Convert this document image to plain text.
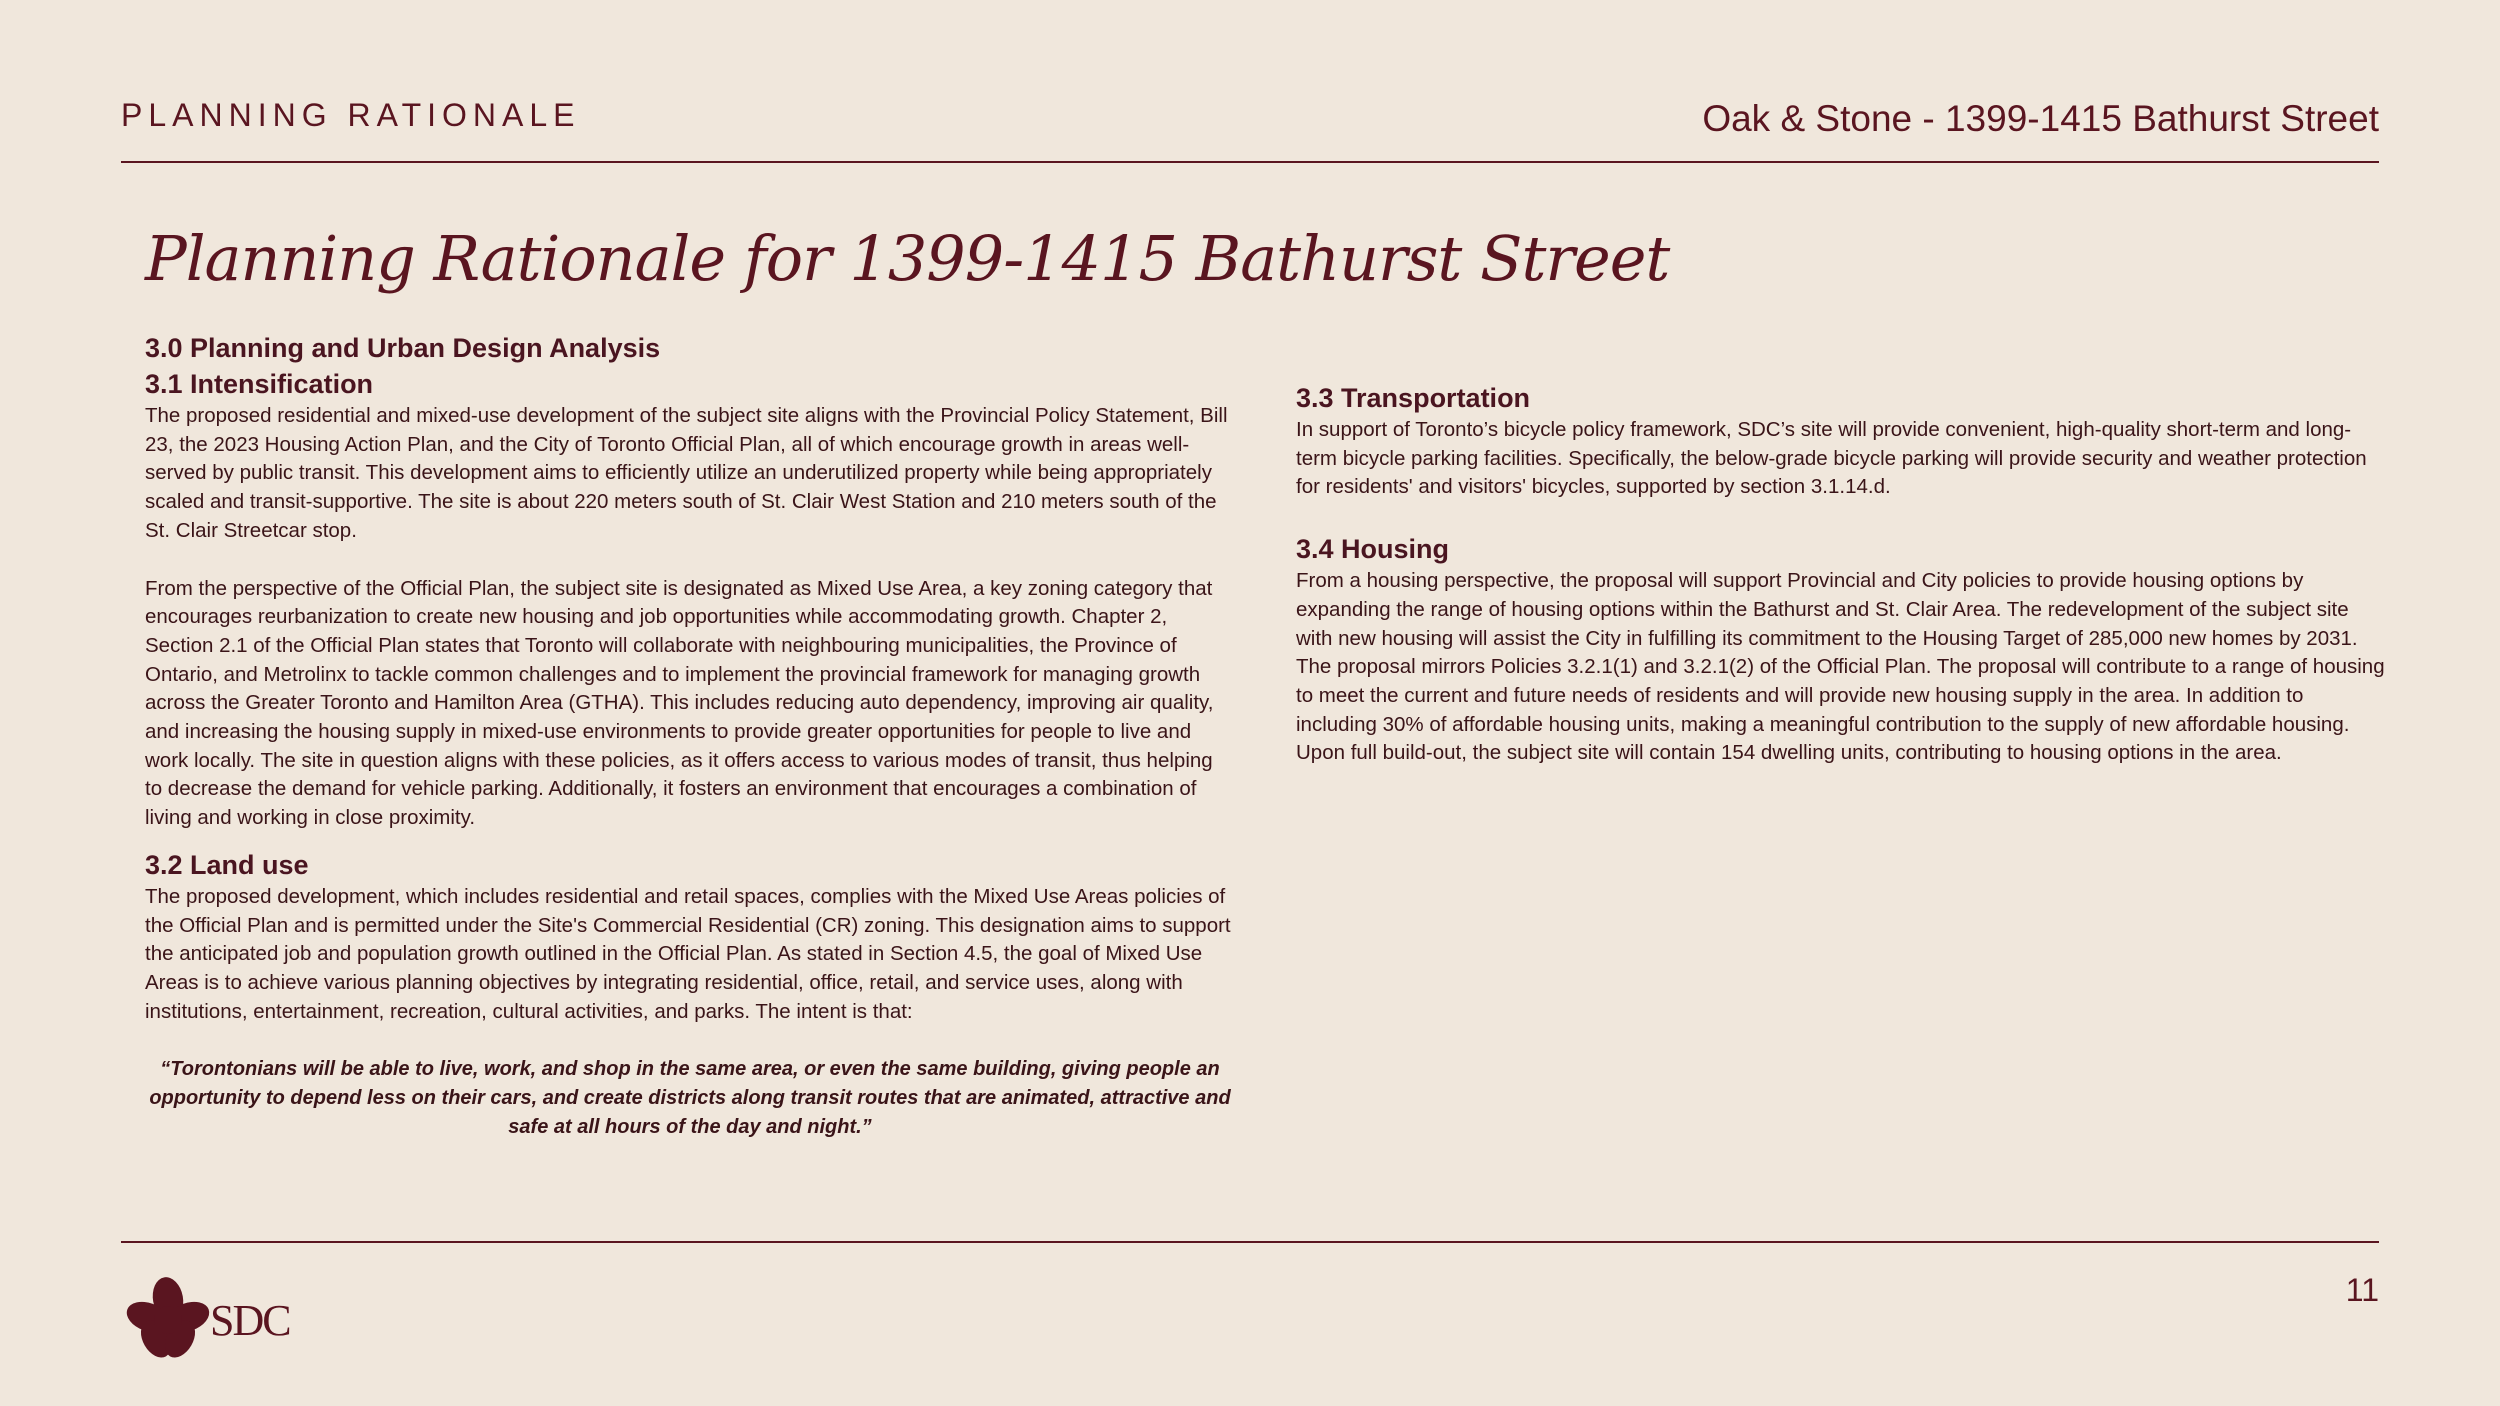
PLANNING RATIONALE	Oak & Stone - 1399-1415 Bathurst Street
Planning Rationale for 1399-1415 Bathurst Street
3.0 Planning and Urban Design Analysis
3.1 Intensification

The proposed residential and mixed-use development of the subject site aligns with the Provincial Policy Statement, Bill 23, the 2023 Housing Action Plan, and the City of Toronto Official Plan, all of which encourage growth in areas well-served by public transit. This development aims to efficiently utilize an underutilized property while being appropriately scaled and transit-supportive. The site is about 220 meters south of St. Clair West Station and 210 meters south of the St. Clair Streetcar stop.

From the perspective of the Official Plan, the subject site is designated as Mixed Use Area, a key zoning category that encourages reurbanization to create new housing and job opportunities while accommodating growth. Chapter 2, Section 2.1 of the Official Plan states that Toronto will collaborate with neighbouring municipalities, the Province of Ontario, and Metrolinx to tackle common challenges and to implement the provincial framework for managing growth across the Greater Toronto and Hamilton Area (GTHA). This includes reducing auto dependency, improving air quality, and increasing the housing supply in mixed-use environments to provide greater opportunities for people to live and work locally. The site in question aligns with these policies, as it offers access to various modes of transit, thus helping to decrease the demand for vehicle parking. Additionally, it fosters an environment that encourages a combination of living and working in close proximity.

3.2 Land use

The proposed development, which includes residential and retail spaces, complies with the Mixed Use Areas policies of the Official Plan and is permitted under the Site's Commercial Residential (CR) zoning. This designation aims to support the anticipated job and population growth outlined in the Official Plan. As stated in Section 4.5, the goal of Mixed Use Areas is to achieve various planning objectives by integrating residential, office, retail, and service uses, along with institutions, entertainment, recreation, cultural activities, and parks. The intent is that:

“Torontonians will be able to live, work, and shop in the same area, or even the same building, giving people an opportunity to depend less on their cars, and create districts along transit routes that are animated, attractive and safe at all hours of the day and night.”

3.3 Transportation

In support of Toronto’s bicycle policy framework, SDC’s site will provide convenient, high-quality short-term and long-term bicycle parking facilities. Specifically, the below-grade bicycle parking will provide security and weather protection for residents' and visitors' bicycles, supported by section 3.1.14.d.

3.4 Housing

From a housing perspective, the proposal will support Provincial and City policies to provide housing options by expanding the range of housing options within the Bathurst and St. Clair Area. The redevelopment of the subject site with new housing will assist the City in fulfilling its commitment to the Housing Target of 285,000 new homes by 2031.

The proposal mirrors Policies 3.2.1(1) and 3.2.1(2) of the Official Plan. The proposal will contribute to a range of housing to meet the current and future needs of residents and will provide new housing supply in the area. In addition to including 30% of affordable housing units, making a meaningful contribution to the supply of new affordable housing. Upon full build-out, the subject site will contain 154 dwelling units, contributing to housing options in the area.

SDC
11
